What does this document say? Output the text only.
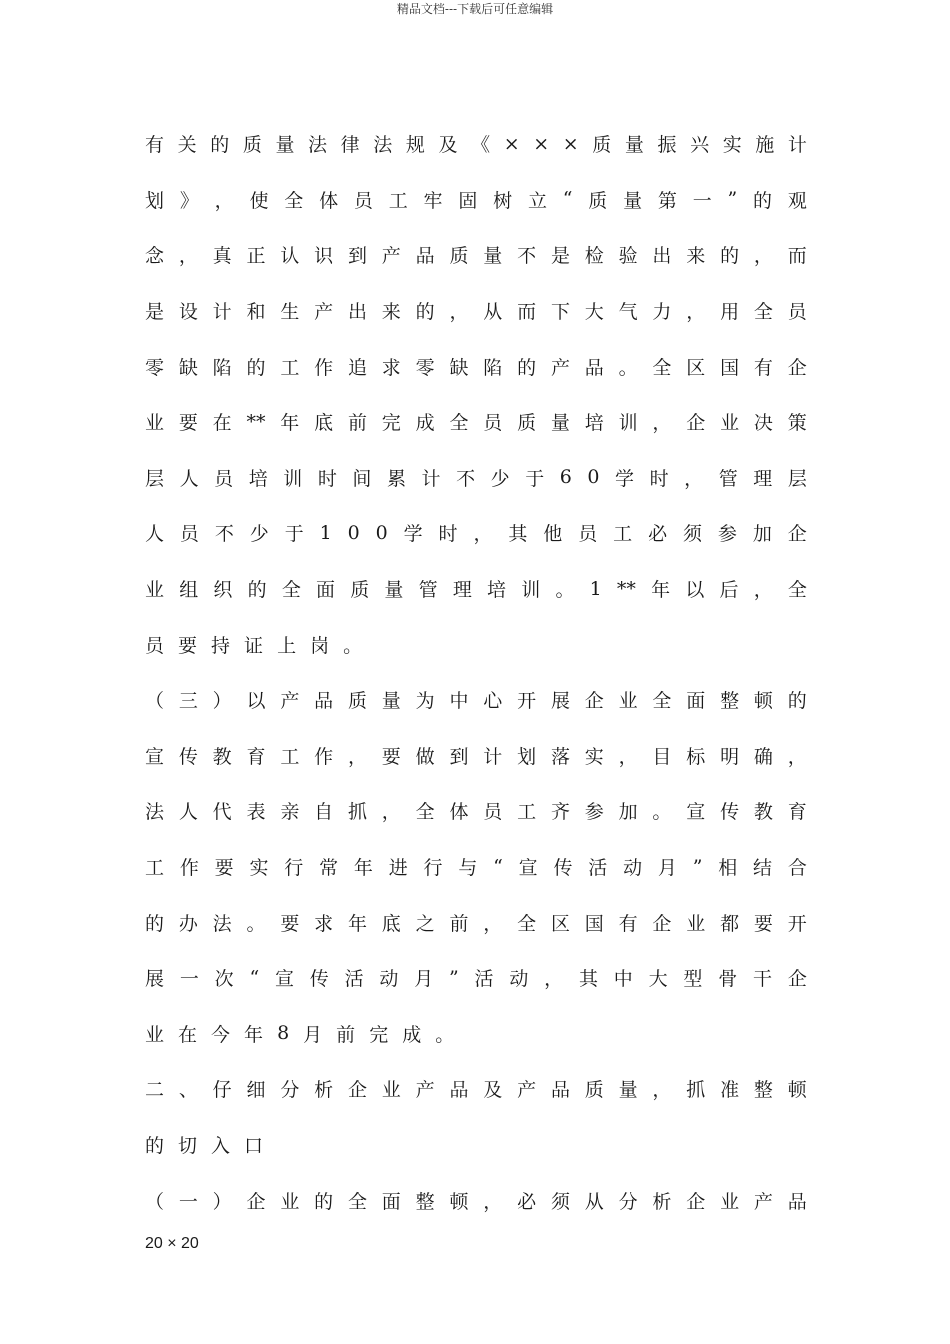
精品文档---下载后可任意编辑
有 关 的 质 量 法 律 法 规 及 《 × × × 质 量 振 兴 实 施 计
划 》 ， 使 全 体 员 工 牢 固 树 立 “ 质 量 第 一 ” 的 观
念 ， 真 正 认 识 到 产 品 质 量 不 是 检 验 出 来 的 ， 而
是 设 计 和 生 产 出 来 的 ， 从 而 下 大 气 力 ， 用 全 员
零 缺 陷 的 工 作 追 求 零 缺 陷 的 产 品 。 全 区 国 有 企
业 要 在 ** 年 底 前 完 成 全 员 质 量 培 训 ， 企 业 决 策
层 人 员 培 训 时 间 累 计 不 少 于 6 0 学 时 ， 管 理 层
人 员 不 少 于 1 0 0 学 时 ， 其 他 员 工 必 须 参 加 企
业 组 织 的 全 面 质 量 管 理 培 训 。 1 ** 年 以 后 ， 全
员 要 持 证 上 岗 。
（ 三 ） 以 产 品 质 量 为 中 心 开 展 企 业 全 面 整 顿 的
宣 传 教 育 工 作 ， 要 做 到 计 划 落 实 ， 目 标 明 确 ，
法 人 代 表 亲 自 抓 ， 全 体 员 工 齐 参 加 。 宣 传 教 育
工 作 要 实 行 常 年 进 行 与 “ 宣 传 活 动 月 ” 相 结 合
的 办 法 。 要 求 年 底 之 前 ， 全 区 国 有 企 业 都 要 开
展 一 次 “ 宣 传 活 动 月 ” 活 动 ， 其 中 大 型 骨 干 企
业 在 今 年 8 月 前 完 成 。
二 、 仔 细 分 析 企 业 产 品 及 产 品 质 量 ， 抓 准 整 顿
的 切 入 口
（ 一 ） 企 业 的 全 面 整 顿 ， 必 须 从 分 析 企 业 产 品
20 × 20
